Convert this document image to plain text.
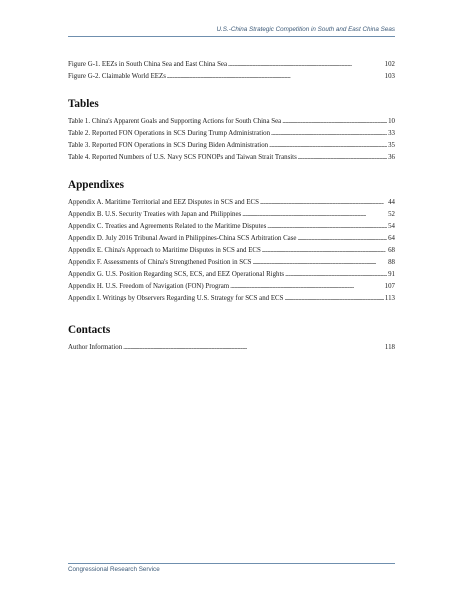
U.S.-China Strategic Competition in South and East China Seas
Figure G-1. EEZs in South China Sea and East China Sea . . .	102
Figure G-2. Claimable World EEZs . . .	103
Tables
Table 1. China's Apparent Goals and Supporting Actions for South China Sea . . .	10
Table 2. Reported FON Operations in SCS During Trump Administration . . .	33
Table 3. Reported FON Operations in SCS During Biden Administration . . .	35
Table 4. Reported Numbers of U.S. Navy SCS FONOPs and Taiwan Strait Transits . . .	36
Appendixes
Appendix A. Maritime Territorial and EEZ Disputes in SCS and ECS . . .	44
Appendix B. U.S. Security Treaties with Japan and Philippines . . .	52
Appendix C. Treaties and Agreements Related to the Maritime Disputes . . .	54
Appendix D. July 2016 Tribunal Award in Philippines-China SCS Arbitration Case . . .	64
Appendix E. China's Approach to Maritime Disputes in SCS and ECS . . .	68
Appendix F. Assessments of China's Strengthened Position in SCS . . .	88
Appendix G. U.S. Position Regarding SCS, ECS, and EEZ Operational Rights . . .	91
Appendix H. U.S. Freedom of Navigation (FON) Program . . .	107
Appendix I. Writings by Observers Regarding U.S. Strategy for SCS and ECS . . .	113
Contacts
Author Information . . .	118
Congressional Research Service
